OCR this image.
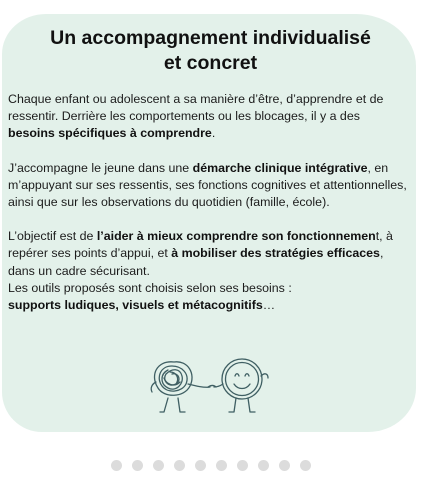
Un accompagnement individualisé
et concret

Chaque enfant ou adolescent a sa manière d’être, d’apprendre et de ressentir. Derrière les comportements ou les blocages, il y a des besoins spécifiques à comprendre.

J’accompagne le jeune dans une démarche clinique intégrative, en m’appuyant sur ses ressentis, ses fonctions cognitives et attentionnelles, ainsi que sur les observations du quotidien (famille, école).

L’objectif est de l’aider à mieux comprendre son fonctionnement, à repérer ses points d’appui, et à mobiliser des stratégies efficaces, dans un cadre sécurisant.

Les outils proposés sont choisis selon ses besoins :

supports ludiques, visuels et métacognitifs…
